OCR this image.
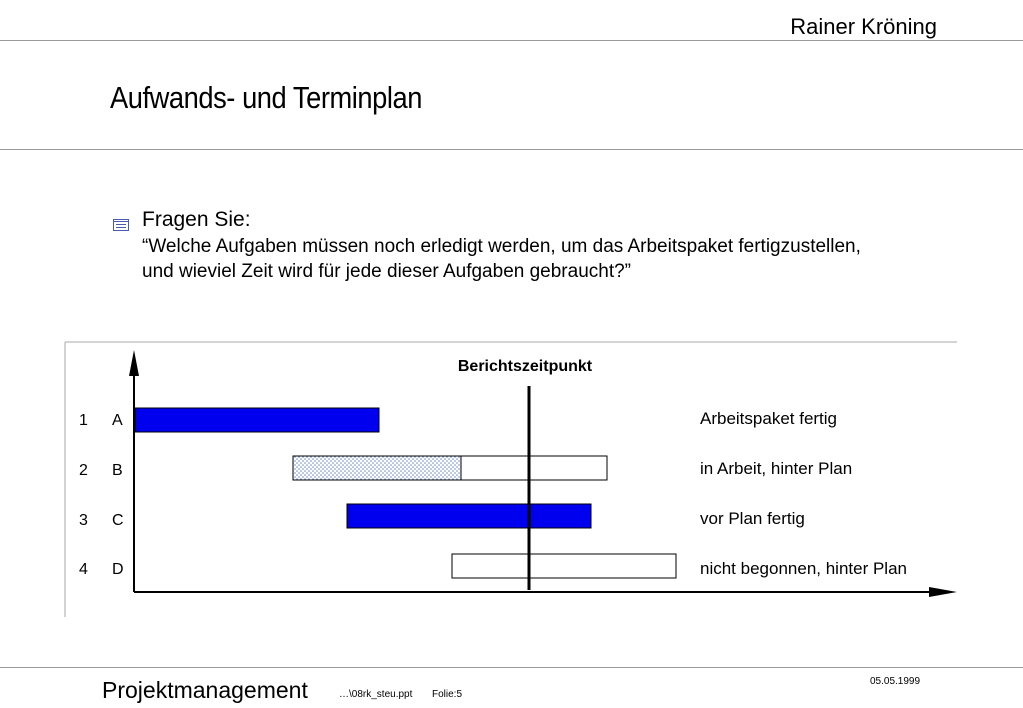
Rainer Kröning
Aufwands- und Terminplan
Fragen Sie:
“Welche Aufgaben müssen noch erledigt werden, um das Arbeitspaket fertigzustellen, und wieviel Zeit wird für jede dieser Aufgaben gebraucht?”
Berichtszeitpunkt
1 A
2 B
3 C
4 D
Arbeitspaket fertig
in Arbeit, hinter Plan
vor Plan fertig
nicht begonnen, hinter Plan
Projektmanagement	…\08rk_steu.ppt Folie:5
05.05.1999
